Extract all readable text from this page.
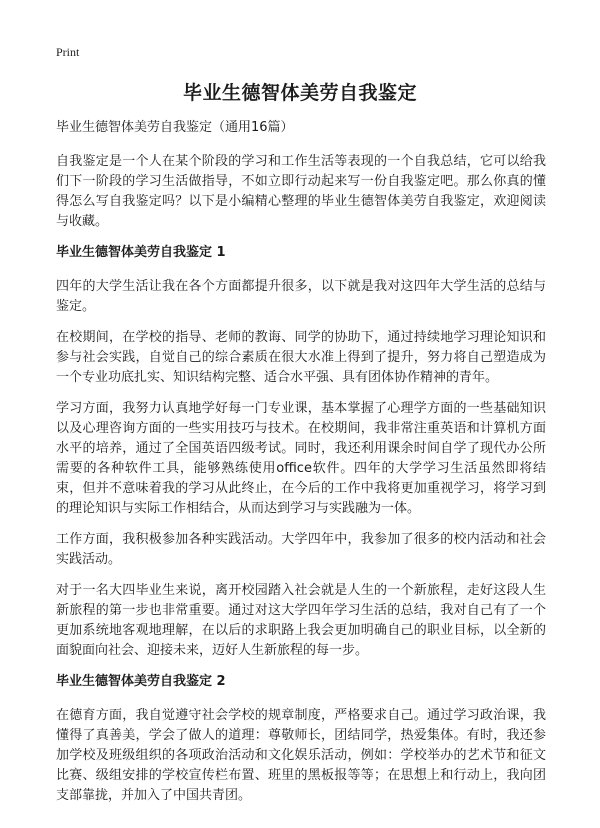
Print
毕业生德智体美劳自我鉴定
毕业生德智体美劳自我鉴定（通用16篇）

自我鉴定是一个人在某个阶段的学习和工作生活等表现的一个自我总结，它可以给我们下一阶段的学习生活做指导，不如立即行动起来写一份自我鉴定吧。那么你真的懂得怎么写自我鉴定吗？以下是小编精心整理的毕业生德智体美劳自我鉴定，欢迎阅读与收藏。

毕业生德智体美劳自我鉴定 1

四年的大学生活让我在各个方面都提升很多，以下就是我对这四年大学生活的总结与鉴定。

在校期间，在学校的指导、老师的教诲、同学的协助下，通过持续地学习理论知识和参与社会实践，自觉自己的综合素质在很大水准上得到了提升，努力将自己塑造成为一个专业功底扎实、知识结构完整、适合水平强、具有团体协作精神的青年。

学习方面，我努力认真地学好每一门专业课，基本掌握了心理学方面的一些基础知识以及心理咨询方面的一些实用技巧与技术。在校期间，我非常注重英语和计算机方面水平的培养，通过了全国英语四级考试。同时，我还利用课余时间自学了现代办公所需要的各种软件工具，能够熟练使用office软件。四年的大学学习生活虽然即将结束，但并不意味着我的学习从此终止，在今后的工作中我将更加重视学习，将学习到的理论知识与实际工作相结合，从而达到学习与实践融为一体。

工作方面，我积极参加各种实践活动。大学四年中，我参加了很多的校内活动和社会实践活动。

对于一名大四毕业生来说，离开校园踏入社会就是人生的一个新旅程，走好这段人生新旅程的第一步也非常重要。通过对这大学四年学习生活的总结，我对自己有了一个更加系统地客观地理解，在以后的求职路上我会更加明确自己的职业目标，以全新的面貌面向社会、迎接未来，迈好人生新旅程的每一步。

毕业生德智体美劳自我鉴定 2

在德育方面，我自觉遵守社会学校的规章制度，严格要求自己。通过学习政治课，我懂得了真善美，学会了做人的道理：尊敬师长，团结同学，热爱集体。有时，我还参加学校及班级组织的各项政治活动和文化娱乐活动，例如：学校举办的艺术节和征文比赛、级组安排的学校宣传栏布置、班里的黑板报等等；在思想上和行动上，我向团支部靠拢，并加入了中国共青团。
